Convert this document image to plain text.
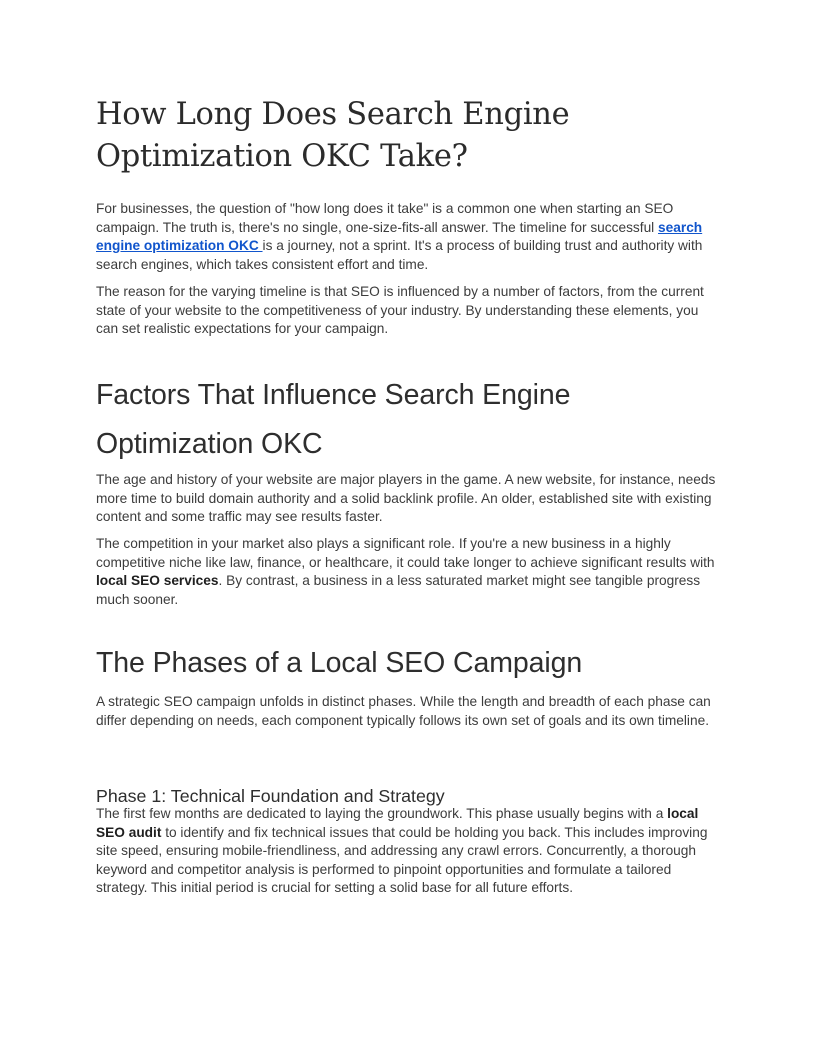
How Long Does Search Engine Optimization OKC Take?

For businesses, the question of "how long does it take" is a common one when starting an SEO campaign. The truth is, there's no single, one-size-fits-all answer. The timeline for successful search engine optimization OKC is a journey, not a sprint. It's a process of building trust and authority with search engines, which takes consistent effort and time.

The reason for the varying timeline is that SEO is influenced by a number of factors, from the current state of your website to the competitiveness of your industry. By understanding these elements, you can set realistic expectations for your campaign.

Factors That Influence Search Engine Optimization OKC

The age and history of your website are major players in the game. A new website, for instance, needs more time to build domain authority and a solid backlink profile. An older, established site with existing content and some traffic may see results faster.

The competition in your market also plays a significant role. If you're a new business in a highly competitive niche like law, finance, or healthcare, it could take longer to achieve significant results with local SEO services. By contrast, a business in a less saturated market might see tangible progress much sooner.

The Phases of a Local SEO Campaign

A strategic SEO campaign unfolds in distinct phases. While the length and breadth of each phase can differ depending on needs, each component typically follows its own set of goals and its own timeline.

Phase 1: Technical Foundation and Strategy

The first few months are dedicated to laying the groundwork. This phase usually begins with a local SEO audit to identify and fix technical issues that could be holding you back. This includes improving site speed, ensuring mobile-friendliness, and addressing any crawl errors. Concurrently, a thorough keyword and competitor analysis is performed to pinpoint opportunities and formulate a tailored strategy. This initial period is crucial for setting a solid base for all future efforts.
